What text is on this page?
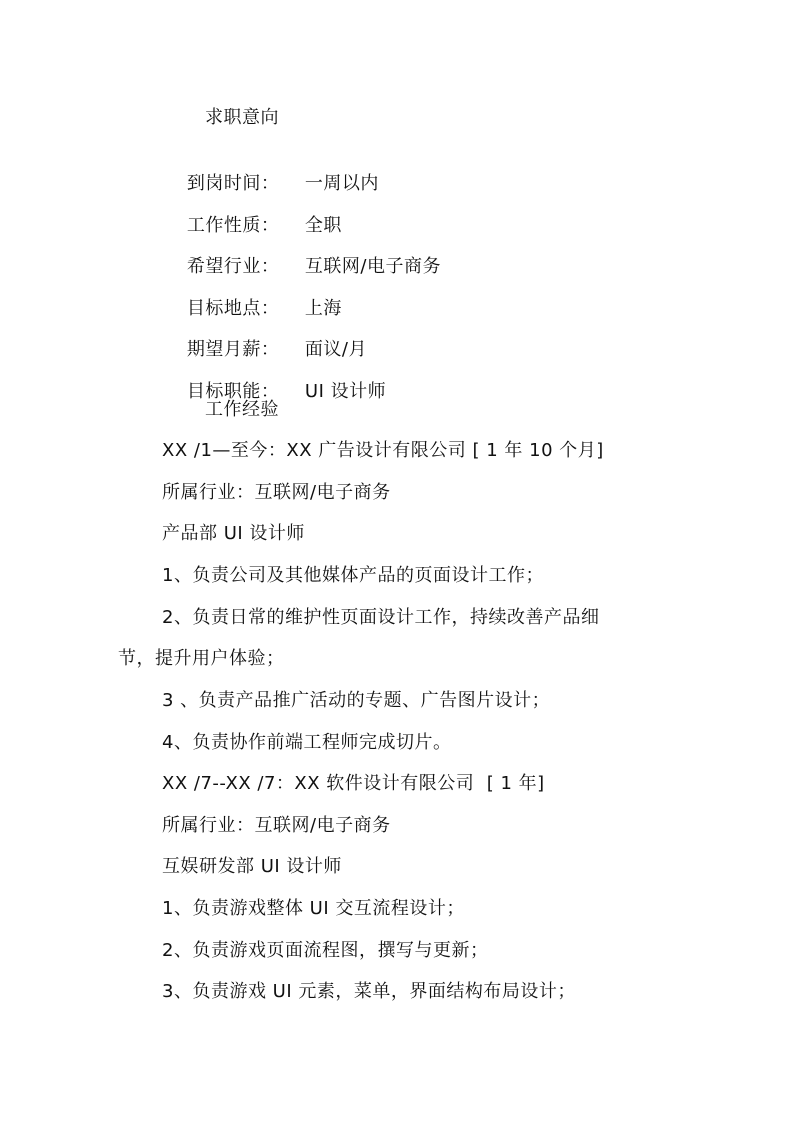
求职意向

到岗时间： 一周以内

工作性质： 全职

希望行业： 互联网/电子商务

目标地点： 上海

期望月薪： 面议/月

目标职能： UI 设计师

工作经验
XX /1—至今：XX 广告设计有限公司 [ 1 年 10 个月]
所属行业：互联网/电子商务
产品部 UI 设计师
1、负责公司及其他媒体产品的页面设计工作；
2、负责日常的维护性页面设计工作，持续改善产品细
节，提升用户体验；
3 、负责产品推广活动的专题、广告图片设计；
4、负责协作前端工程师完成切片。
XX /7--XX /7：XX 软件设计有限公司  [ 1 年]
所属行业：互联网/电子商务
互娱研发部 UI 设计师
1、负责游戏整体 UI 交互流程设计；
2、负责游戏页面流程图，撰写与更新；
3、负责游戏 UI 元素，菜单，界面结构布局设计；
